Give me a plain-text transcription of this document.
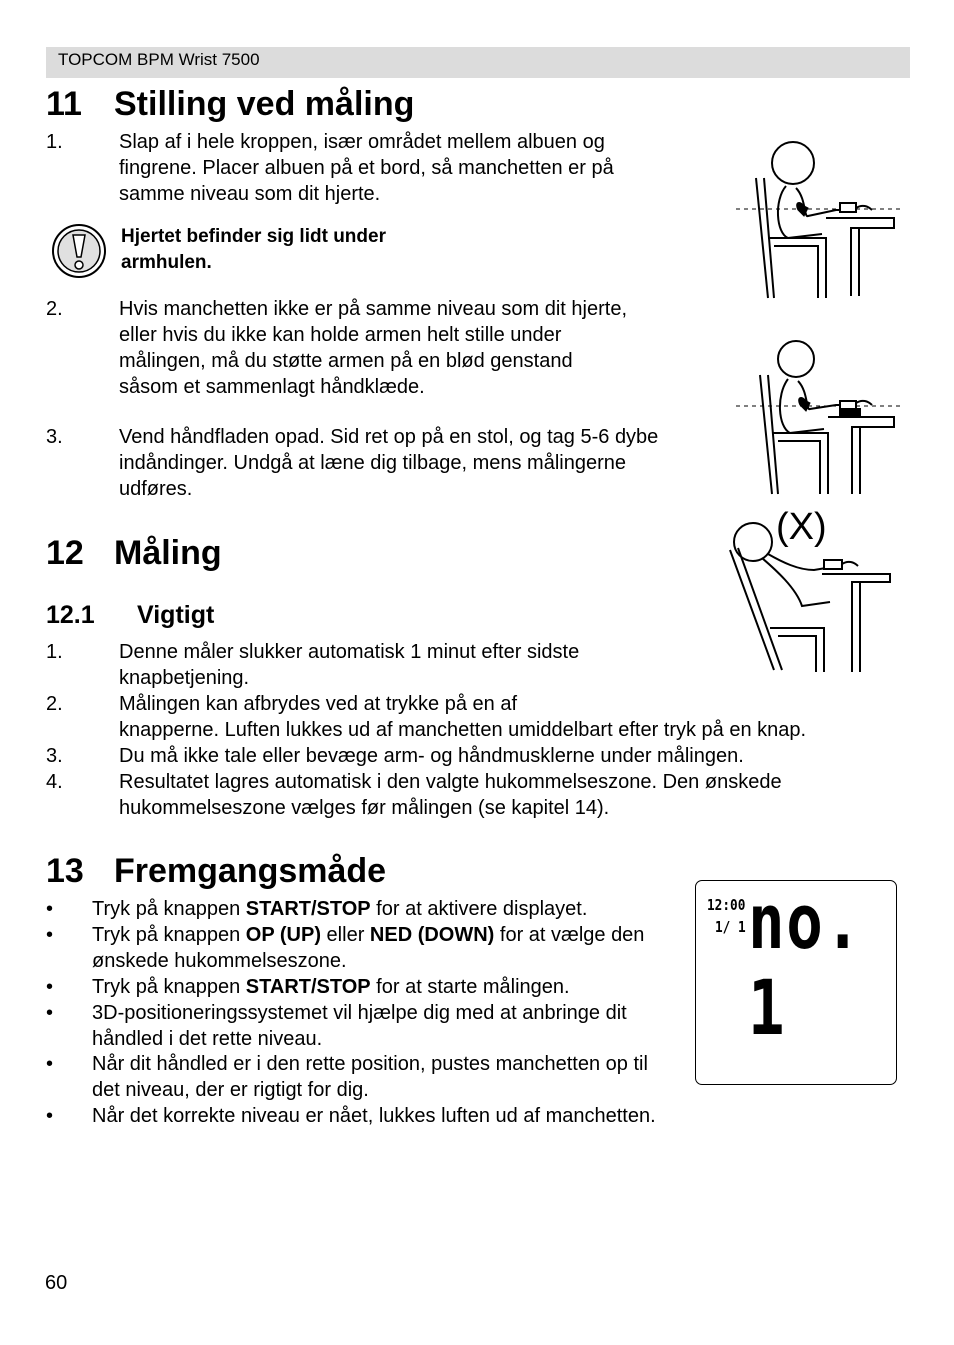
TOPCOM BPM Wrist 7500
11 Stilling ved måling
1.	Slap af i hele kroppen, især området mellem albuen og fingrene. Placer albuen på et bord, så manchetten er på samme niveau som dit hjerte.
Hjertet befinder sig lidt under armhulen.
2.	Hvis manchetten ikke er på samme niveau som dit hjerte, eller hvis du ikke kan holde armen helt stille under målingen, må du støtte armen på en blød genstand såsom et sammenlagt håndklæde.
3.	Vend håndfladen opad. Sid ret op på en stol, og tag 5-6 dybe indåndinger. Undgå at læne dig tilbage, mens målingerne udføres.
(X)
12 Måling
12.1 Vigtigt
1.	Denne måler slukker automatisk 1 minut efter sidste knapbetjening.
2.	Målingen kan afbrydes ved at trykke på en af
knapperne. Luften lukkes ud af manchetten umiddelbart efter tryk på en knap.
3.	Du må ikke tale eller bevæge arm- og håndmusklerne under målingen.
4.	Resultatet lagres automatisk i den valgte hukommelseszone. Den ønskede hukommelseszone vælges før målingen (se kapitel 14).
13 Fremgangsmåde
• Tryk på knappen START/STOP for at aktivere displayet.
• Tryk på knappen OP (UP) eller NED (DOWN) for at vælge den ønskede hukommelseszone.
• Tryk på knappen START/STOP for at starte målingen.
• 3D-positioneringssystemet vil hjælpe dig med at anbringe dit håndled i det rette niveau.
• Når dit håndled er i den rette position, pustes manchetten op til det niveau, der er rigtigt for dig.
• Når det korrekte niveau er nået, lukkes luften ud af manchetten.
12:00
1/ 1 no. 1
60
